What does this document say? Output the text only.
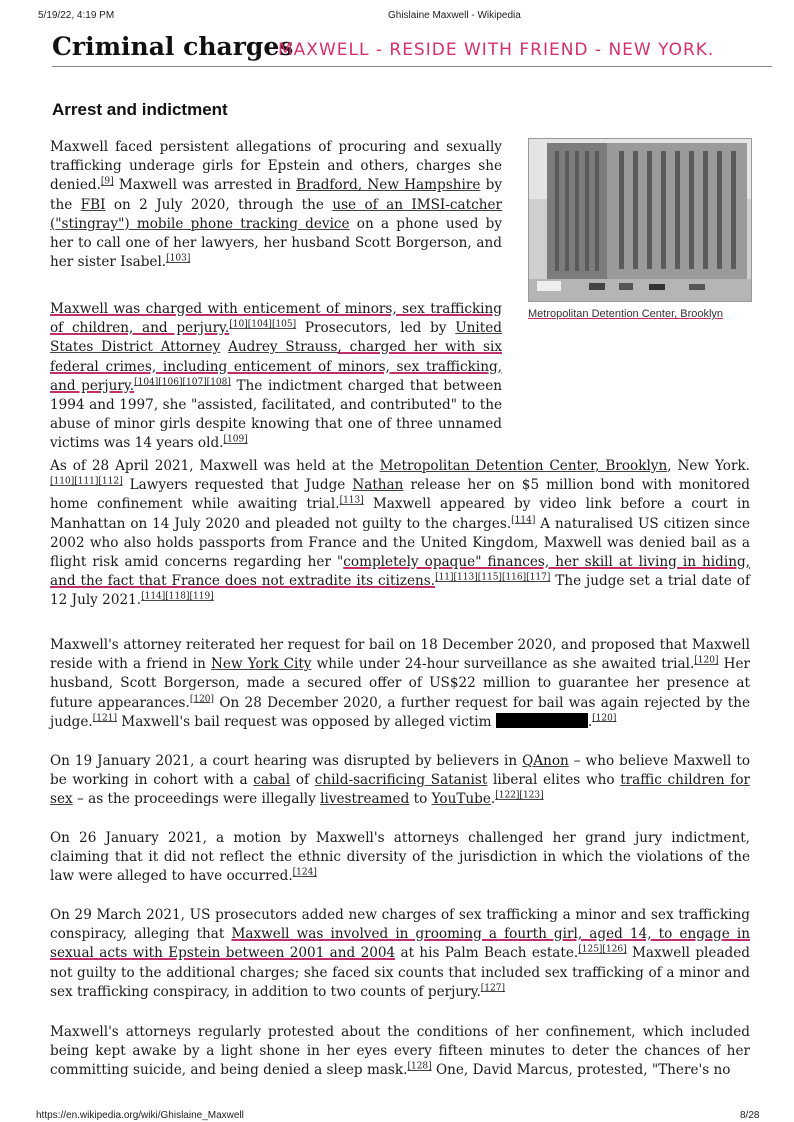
5/19/22, 4:19 PM	Ghislaine Maxwell - Wikipedia
Criminal charges
MAXWELL - RESIDE WITH FRIEND - NEW YORK.
Arrest and indictment
Metropolitan Detention Center, Brooklyn

Maxwell faced persistent allegations of procuring and sexually trafficking underage girls for Epstein and others, charges she denied.[9] Maxwell was arrested in Bradford, New Hampshire by the FBI on 2 July 2020, through the use of an IMSI-catcher ("stingray") mobile phone tracking device on a phone used by her to call one of her lawyers, her husband Scott Borgerson, and her sister Isabel.[103]

Maxwell was charged with enticement of minors, sex trafficking of children, and perjury.[10][104][105] Prosecutors, led by United States District Attorney Audrey Strauss, charged her with six federal crimes, including enticement of minors, sex trafficking, and perjury.[104][106][107][108] The indictment charged that between 1994 and 1997, she "assisted, facilitated, and contributed" to the abuse of minor girls despite knowing that one of three unnamed victims was 14 years old.[109]

As of 28 April 2021, Maxwell was held at the Metropolitan Detention Center, Brooklyn, New York.[110][111][112] Lawyers requested that Judge Nathan release her on $5 million bond with monitored home confinement while awaiting trial.[113] Maxwell appeared by video link before a court in Manhattan on 14 July 2020 and pleaded not guilty to the charges.[114] A naturalised US citizen since 2002 who also holds passports from France and the United Kingdom, Maxwell was denied bail as a flight risk amid concerns regarding her "completely opaque" finances, her skill at living in hiding, and the fact that France does not extradite its citizens.[11][113][115][116][117] The judge set a trial date of 12 July 2021.[114][118][119]

Maxwell's attorney reiterated her request for bail on 18 December 2020, and proposed that Maxwell reside with a friend in New York City while under 24-hour surveillance as she awaited trial.[120] Her husband, Scott Borgerson, made a secured offer of US$22 million to guarantee her presence at future appearances.[120] On 28 December 2020, a further request for bail was again rejected by the judge.[121] Maxwell's bail request was opposed by alleged victim	.[120]

On 19 January 2021, a court hearing was disrupted by believers in QAnon – who believe Maxwell to be working in cohort with a cabal of child-sacrificing Satanist liberal elites who traffic children for sex – as the proceedings were illegally livestreamed to YouTube.[122][123]

On 26 January 2021, a motion by Maxwell's attorneys challenged her grand jury indictment, claiming that it did not reflect the ethnic diversity of the jurisdiction in which the violations of the law were alleged to have occurred.[124]

On 29 March 2021, US prosecutors added new charges of sex trafficking a minor and sex trafficking conspiracy, alleging that Maxwell was involved in grooming a fourth girl, aged 14, to engage in sexual acts with Epstein between 2001 and 2004 at his Palm Beach estate.[125][126] Maxwell pleaded not guilty to the additional charges; she faced six counts that included sex trafficking of a minor and sex trafficking conspiracy, in addition to two counts of perjury.[127]

Maxwell's attorneys regularly protested about the conditions of her confinement, which included being kept awake by a light shone in her eyes every fifteen minutes to deter the chances of her committing suicide, and being denied a sleep mask.[128] One, David Marcus, protested, "There's no

https://en.wikipedia.org/wiki/Ghislaine_Maxwell	8/28
